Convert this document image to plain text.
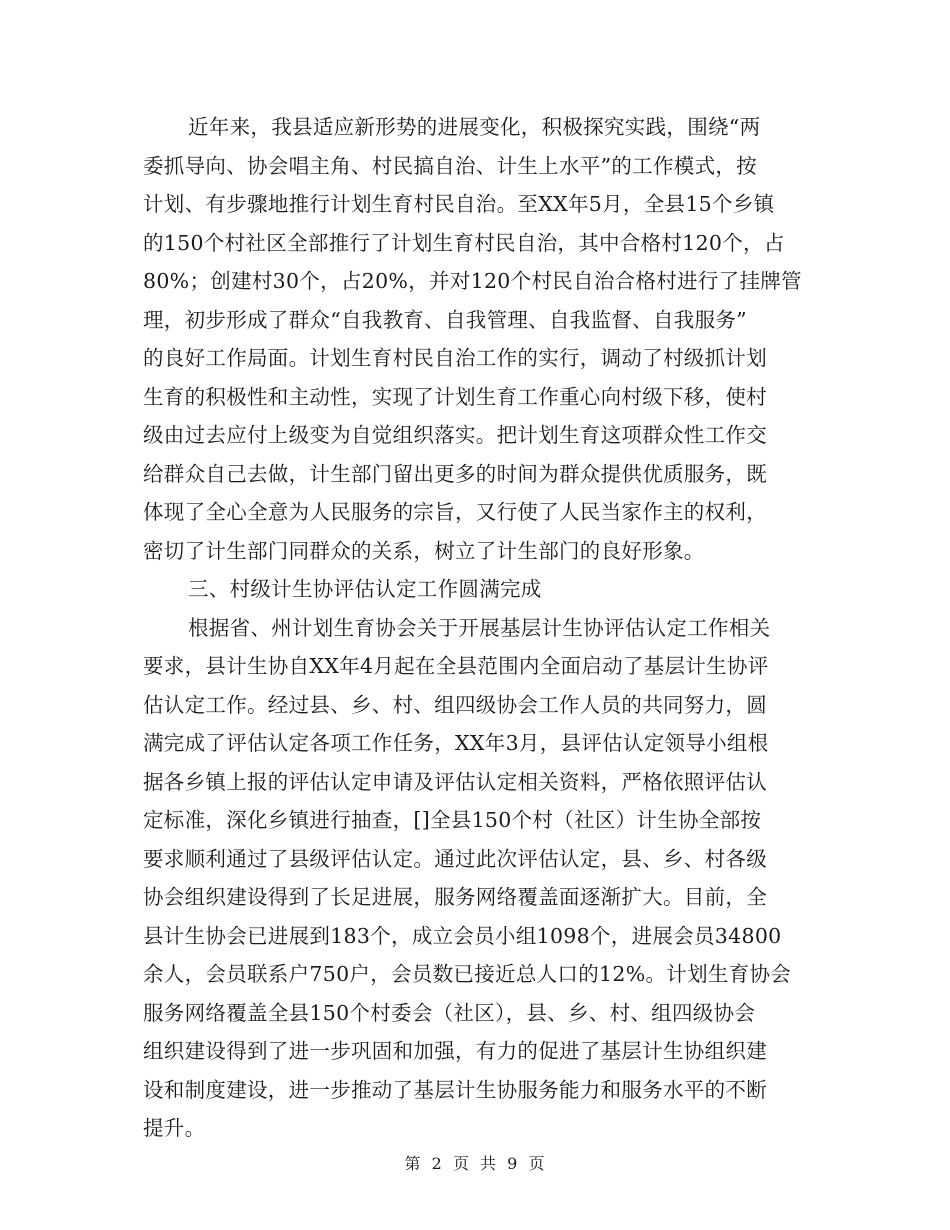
近年来，我县适应新形势的进展变化，积极探究实践，围绕“两
委抓导向、协会唱主角、村民搞自治、计生上水平”的工作模式，按
计划、有步骤地推行计划生育村民自治。至XX年5月，全县15个乡镇
的150个村社区全部推行了计划生育村民自治，其中合格村120个，占
80%；创建村30个，占20%，并对120个村民自治合格村进行了挂牌管
理，初步形成了群众“自我教育、自我管理、自我监督、自我服务”
的良好工作局面。计划生育村民自治工作的实行，调动了村级抓计划
生育的积极性和主动性，实现了计划生育工作重心向村级下移，使村
级由过去应付上级变为自觉组织落实。把计划生育这项群众性工作交
给群众自己去做，计生部门留出更多的时间为群众提供优质服务，既
体现了全心全意为人民服务的宗旨，又行使了人民当家作主的权利，
密切了计生部门同群众的关系，树立了计生部门的良好形象。
三、村级计生协评估认定工作圆满完成
根据省、州计划生育协会关于开展基层计生协评估认定工作相关
要求，县计生协自XX年4月起在全县范围内全面启动了基层计生协评
估认定工作。经过县、乡、村、组四级协会工作人员的共同努力，圆
满完成了评估认定各项工作任务，XX年3月，县评估认定领导小组根
据各乡镇上报的评估认定申请及评估认定相关资料，严格依照评估认
定标准，深化乡镇进行抽查，[]全县150个村（社区）计生协全部按
要求顺利通过了县级评估认定。通过此次评估认定，县、乡、村各级
协会组织建设得到了长足进展，服务网络覆盖面逐渐扩大。目前，全
县计生协会已进展到183个，成立会员小组1098个，进展会员34800
余人，会员联系户750户，会员数已接近总人口的12%。计划生育协会
服务网络覆盖全县150个村委会（社区），县、乡、村、组四级协会
组织建设得到了进一步巩固和加强，有力的促进了基层计生协组织建
设和制度建设，进一步推动了基层计生协服务能力和服务水平的不断
提升。
第 2 页 共 9 页
